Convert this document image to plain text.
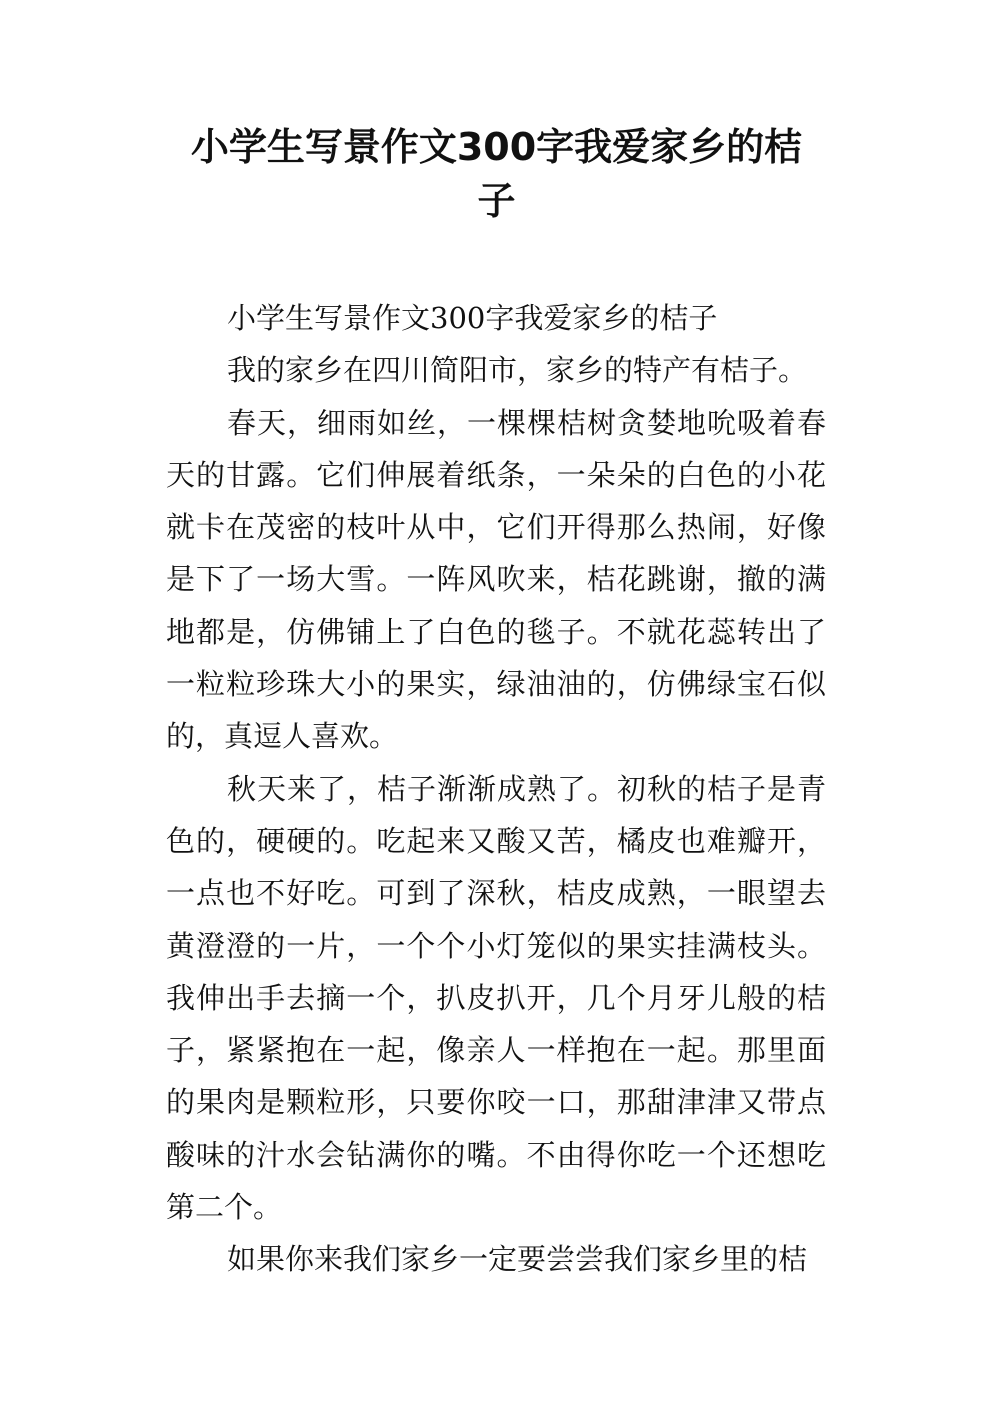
小学生写景作文300字我爱家乡的桔
子
小学生写景作文300字我爱家乡的桔子
我的家乡在四川简阳市，家乡的特产有桔子。
春天，细雨如丝，一棵棵桔树贪婪地吮吸着春
天的甘露。它们伸展着纸条，一朵朵的白色的小花
就卡在茂密的枝叶从中，它们开得那么热闹，好像
是下了一场大雪。一阵风吹来，桔花跳谢，撤的满
地都是，仿佛铺上了白色的毯子。不就花蕊转出了
一粒粒珍珠大小的果实，绿油油的，仿佛绿宝石似
的，真逗人喜欢。
秋天来了，桔子渐渐成熟了。初秋的桔子是青
色的，硬硬的。吃起来又酸又苦，橘皮也难瓣开，
一点也不好吃。可到了深秋，桔皮成熟，一眼望去
黄澄澄的一片，一个个小灯笼似的果实挂满枝头。
我伸出手去摘一个，扒皮扒开，几个月牙儿般的桔
子，紧紧抱在一起，像亲人一样抱在一起。那里面
的果肉是颗粒形，只要你咬一口，那甜津津又带点
酸味的汁水会钻满你的嘴。不由得你吃一个还想吃
第二个。
如果你来我们家乡一定要尝尝我们家乡里的桔
